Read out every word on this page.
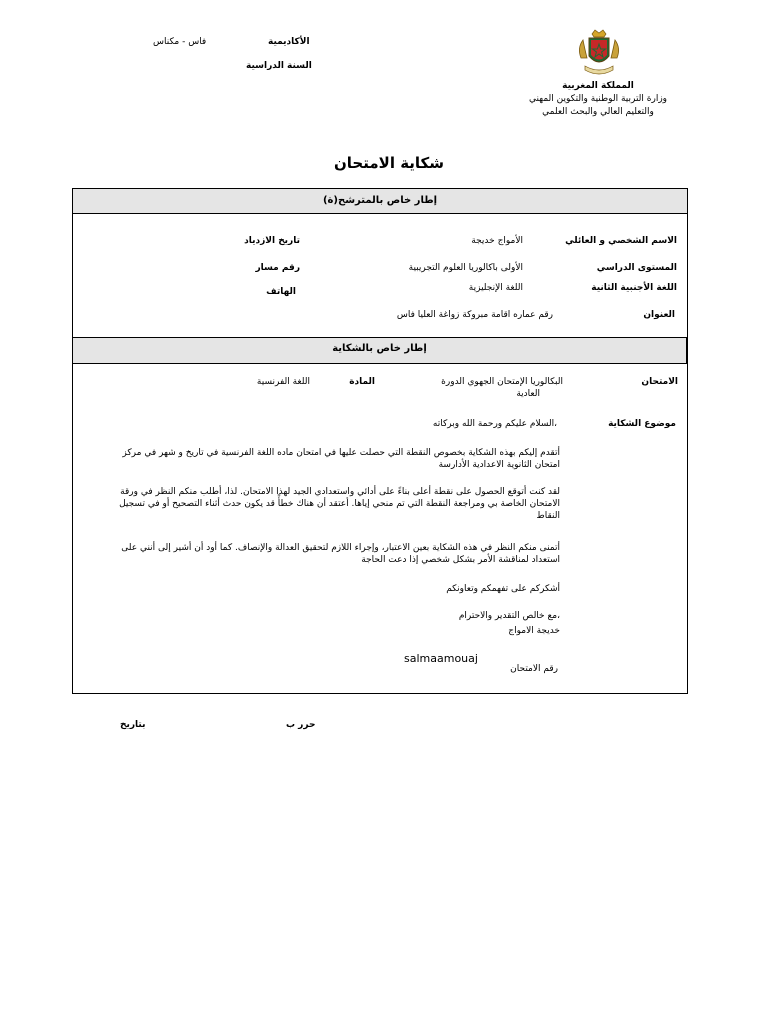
الأكاديمية
فاس - مكناس
السنة الدراسية
المملكة المغربية
وزارة التربية الوطنية والتكوين المهني
والتعليم العالي والبحث العلمي
شكاية الامتحان
إطار خاص بالمترشح(ة)
الاسم الشخصي و العائلي
الأمواج خديجة
تاريخ الازدياد
المستوى الدراسي
الأولى باكالوريا العلوم التجريبية
رقم مسار
اللغة الأجنبية الثانية
اللغة الإنجليزية
الهاتف
العنوان
رقم عماره اقامة مبروكة زواغة العليا فاس
إطار خاص بالشكاية
الامتحان
البكالوريا الإمتحان الجهوي الدورة
العادية
المادة
اللغة الفرنسية
موضوع الشكاية
،السلام عليكم ورحمة الله وبركاته
أتقدم إليكم بهذه الشكاية بخصوص النقطة التي حصلت عليها في امتحان ماده اللغة الفرنسية في تاريخ و شهر في مركز امتحان الثانوية الاعدادية الأدارسة
لقد كنت أتوقع الحصول على نقطة أعلى بناءً على أدائي واستعدادي الجيد لهذا الامتحان. لذا، أطلب منكم النظر في ورقة الامتحان الخاصة بي ومراجعة النقطة التي تم منحي إياها. أعتقد أن هناك خطأً قد يكون حدث أثناء التصحيح أو في تسجيل النقاط
أتمنى منكم النظر في هذه الشكاية بعين الاعتبار، وإجراء اللازم لتحقيق العدالة والإنصاف. كما أود أن أشير إلى أنني على استعداد لمناقشة الأمر بشكل شخصي إذا دعت الحاجة
أشكركم على تفهمكم وتعاونكم
،مع خالص التقدير والاحترام
خديجة الامواج
salmaamouaj
رقم الامتحان
حرر ب
بتاريخ
